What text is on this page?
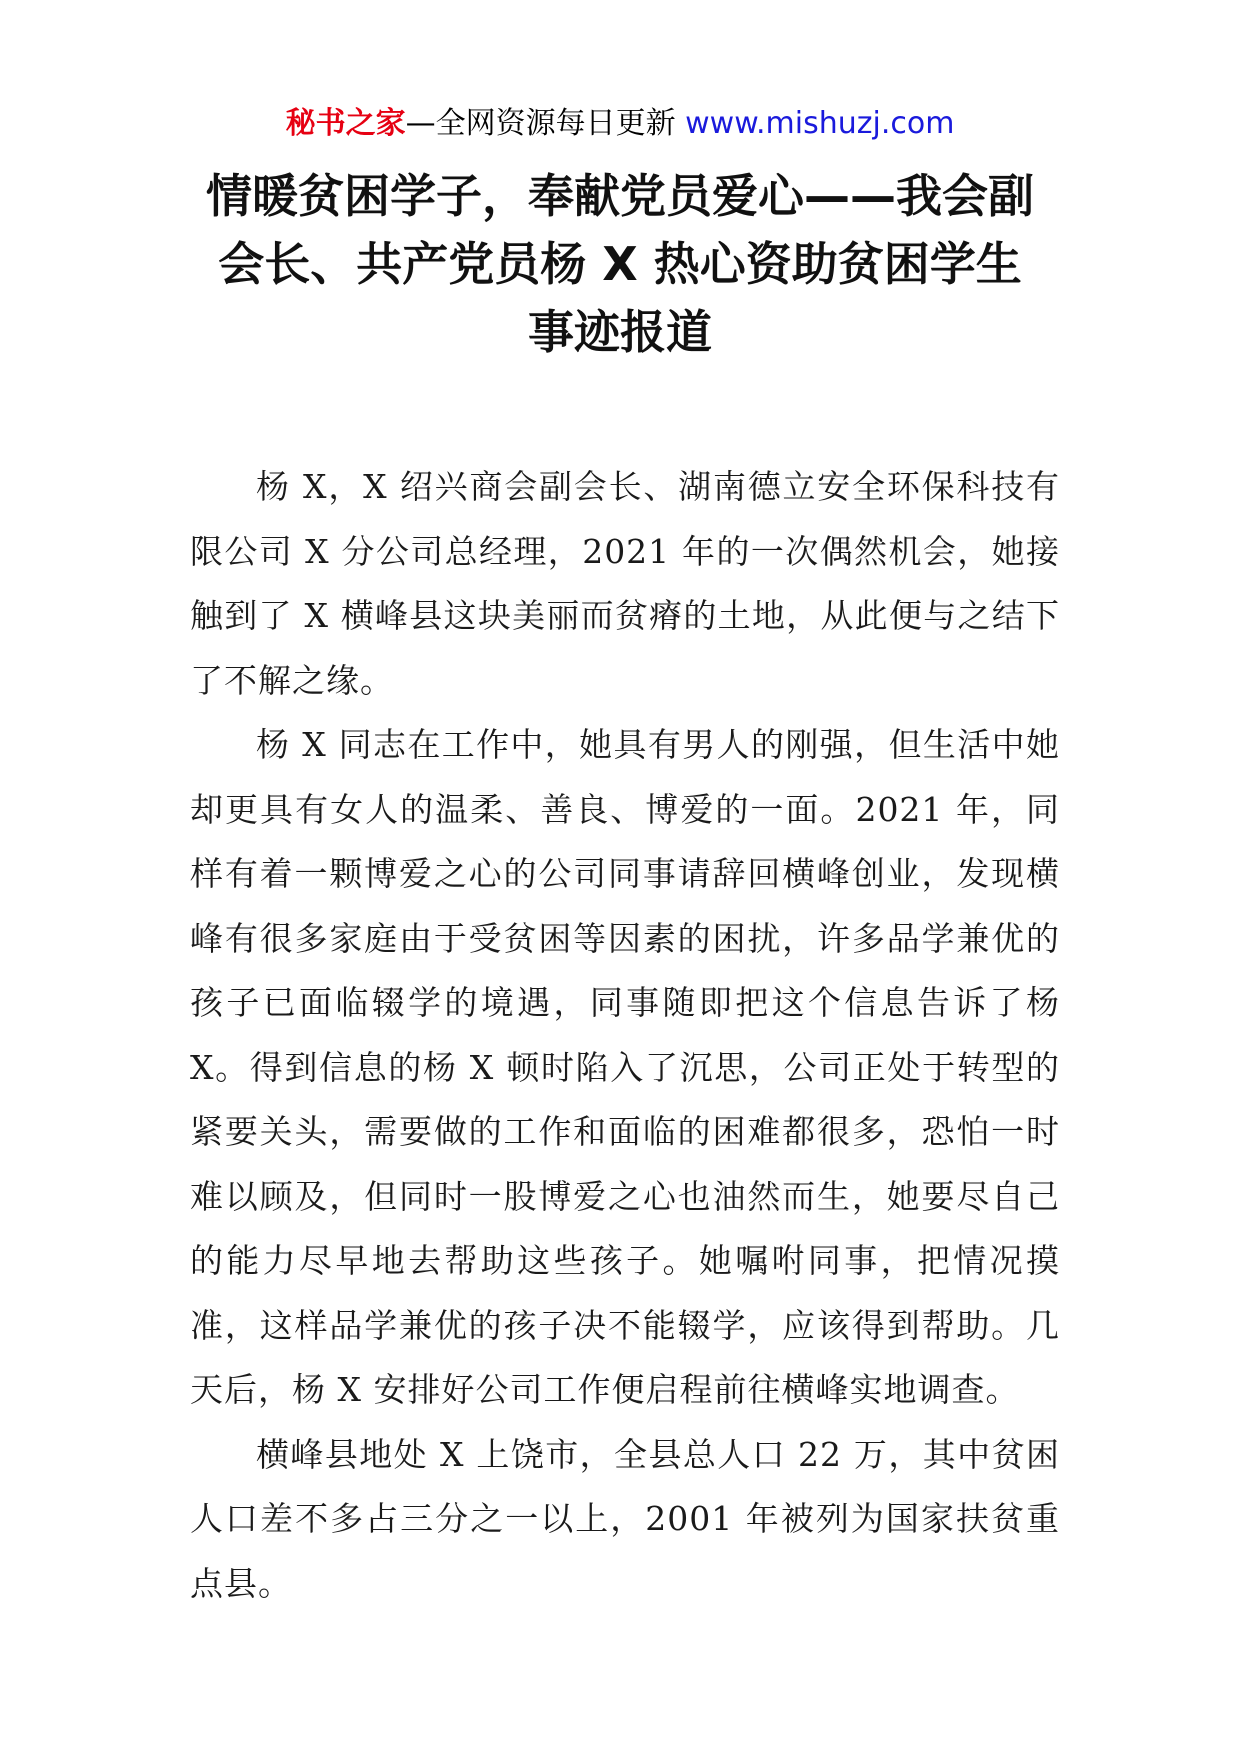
秘书之家—全网资源每日更新 www.mishuzj.com
情暖贫困学子，奉献党员爱心——我会副
会长、共产党员杨 X 热心资助贫困学生
事迹报道

杨 X，X 绍兴商会副会长、湖南德立安全环保科技有限公司 X 分公司总经理，2021 年的一次偶然机会，她接触到了 X 横峰县这块美丽而贫瘠的土地，从此便与之结下了不解之缘。

杨 X 同志在工作中，她具有男人的刚强，但生活中她却更具有女人的温柔、善良、博爱的一面。2021 年，同样有着一颗博爱之心的公司同事请辞回横峰创业，发现横峰有很多家庭由于受贫困等因素的困扰，许多品学兼优的孩子已面临辍学的境遇，同事随即把这个信息告诉了杨 X。得到信息的杨 X 顿时陷入了沉思，公司正处于转型的紧要关头，需要做的工作和面临的困难都很多，恐怕一时难以顾及，但同时一股博爱之心也油然而生，她要尽自己的能力尽早地去帮助这些孩子。她嘱咐同事，把情况摸准，这样品学兼优的孩子决不能辍学，应该得到帮助。几天后，杨 X 安排好公司工作便启程前往横峰实地调查。

横峰县地处 X 上饶市，全县总人口 22 万，其中贫困人口差不多占三分之一以上，2001 年被列为国家扶贫重点县。
